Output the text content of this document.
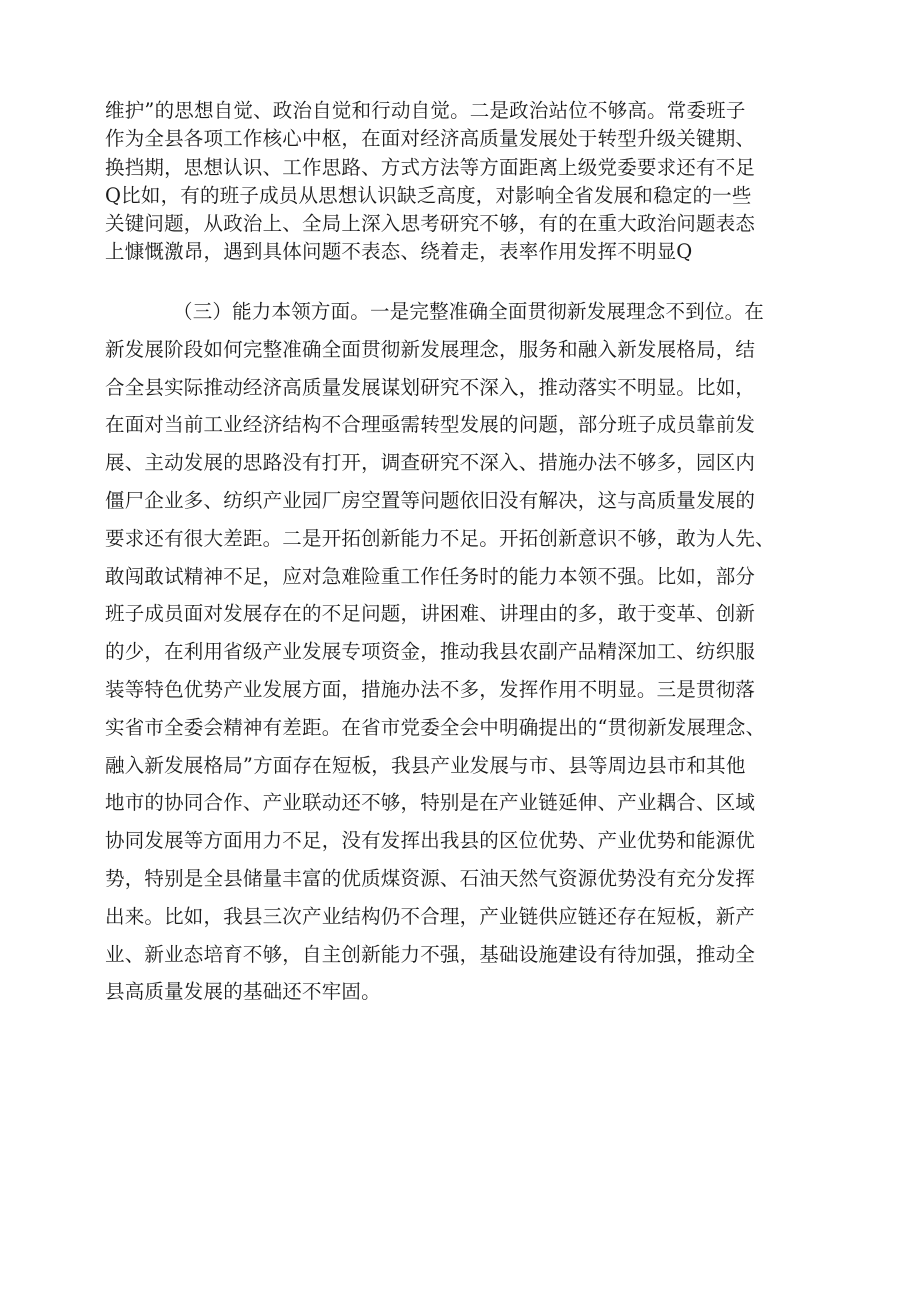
维护”的思想自觉、政治自觉和行动自觉。二是政治站位不够高。常委班子
作为全县各项工作核心中枢，在面对经济高质量发展处于转型升级关键期、
换挡期，思想认识、工作思路、方式方法等方面距离上级党委要求还有不足
Q比如，有的班子成员从思想认识缺乏高度，对影响全省发展和稳定的一些
关键问题，从政治上、全局上深入思考研究不够，有的在重大政治问题表态
上慷慨激昂，遇到具体问题不表态、绕着走，表率作用发挥不明显Q
（三）能力本领方面。一是完整准确全面贯彻新发展理念不到位。在
新发展阶段如何完整准确全面贯彻新发展理念，服务和融入新发展格局，结
合全县实际推动经济高质量发展谋划研究不深入，推动落实不明显。比如，
在面对当前工业经济结构不合理亟需转型发展的问题，部分班子成员靠前发
展、主动发展的思路没有打开，调查研究不深入、措施办法不够多，园区内
僵尸企业多、纺织产业园厂房空置等问题依旧没有解决，这与高质量发展的
要求还有很大差距。二是开拓创新能力不足。开拓创新意识不够，敢为人先、
敢闯敢试精神不足，应对急难险重工作任务时的能力本领不强。比如，部分
班子成员面对发展存在的不足问题，讲困难、讲理由的多，敢于变革、创新
的少，在利用省级产业发展专项资金，推动我县农副产品精深加工、纺织服
装等特色优势产业发展方面，措施办法不多，发挥作用不明显。三是贯彻落
实省市全委会精神有差距。在省市党委全会中明确提出的“贯彻新发展理念、
融入新发展格局”方面存在短板，我县产业发展与市、县等周边县市和其他
地市的协同合作、产业联动还不够，特别是在产业链延伸、产业耦合、区域
协同发展等方面用力不足，没有发挥出我县的区位优势、产业优势和能源优
势，特别是全县储量丰富的优质煤资源、石油天然气资源优势没有充分发挥
出来。比如，我县三次产业结构仍不合理，产业链供应链还存在短板，新产
业、新业态培育不够，自主创新能力不强，基础设施建设有待加强，推动全
县高质量发展的基础还不牢固。
